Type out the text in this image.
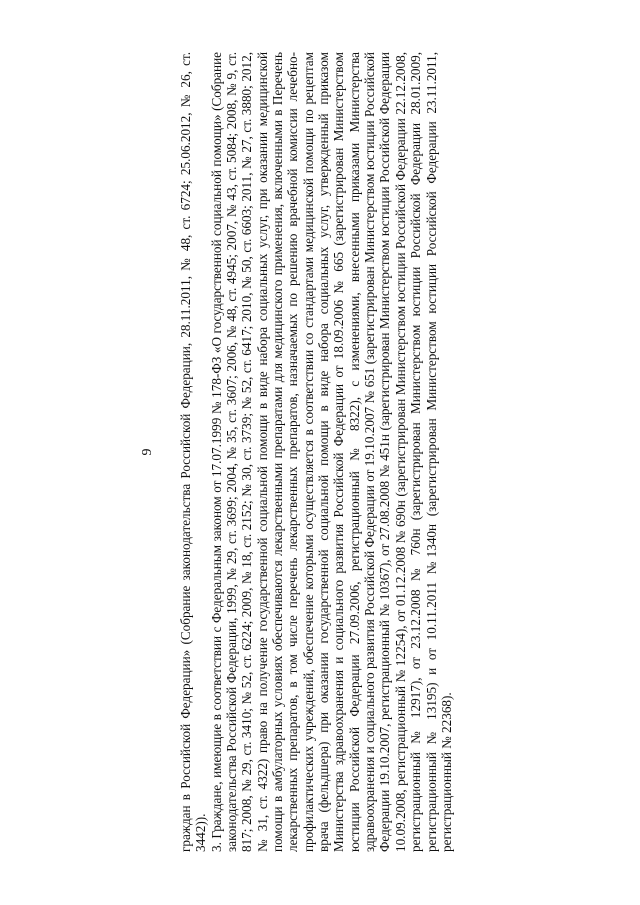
9 граждан в Российской Федерации» (Собрание законодательства Российской Федерации, 28.11.2011, № 48, ст. 6724; 25.06.2012, № 26, ст. 3442)). 3. Граждане, имеющие в соответствии с Федеральным законом от 17.07.1999 № 178-ФЗ «О государственной социальной помощи» (Собрание законодательства Российской Федерации, 1999, № 29, ст. 3699; 2004, № 35, ст. 3607; 2006, № 48, ст. 4945; 2007, № 43, ст. 5084; 2008, № 9, ст. 817; 2008, № 29, ст. 3410; № 52, ст. 6224; 2009, № 18, ст. 2152; № 30, ст. 3739; № 52, ст. 6417; 2010, № 50, ст. 6603; 2011, № 27, ст. 3880; 2012, № 31, ст. 4322) право на получение государственной социальной помощи в виде набора социальных услуг, при оказании медицинской помощи в амбулаторных условиях обеспечиваются лекарственными препаратами для медицинского применения, включенными в Перечень лекарственных препаратов, в том числе перечень лекарственных препаратов, назначаемых по решению врачебной комиссии лечебно-профилактических учреждений, обеспечение которыми осуществляется в соответствии со стандартами медицинской помощи по рецептам врача (фельдшера) при оказании государственной социальной помощи в виде набора социальных услуг, утвержденный приказом Министерства здравоохранения и социального развития Российской Федерации от 18.09.2006 № 665 (зарегистрирован Министерством юстиции Российской Федерации 27.09.2006, регистрационный № 8322), с изменениями, внесенными приказами Министерства здравоохранения и социального развития Российской Федерации от 19.10.2007 № 651 (зарегистрирован Министерством юстиции Российской Федерации 19.10.2007, регистрационный № 10367), от 27.08.2008 № 451н (зарегистрирован Министерством юстиции Российской Федерации 10.09.2008, регистрационный № 12254), от 01.12.2008 № 690н (зарегистрирован Министерством юстиции Российской Федерации 22.12.2008, регистрационный № 12917), от 23.12.2008 № 760н (зарегистрирован Министерством юстиции Российской Федерации 28.01.2009, регистрационный № 13195) и от 10.11.2011 №1340н (зарегистрирован Министерством юстиции Российской Федерации 23.11.2011, регистрационный № 22368).
